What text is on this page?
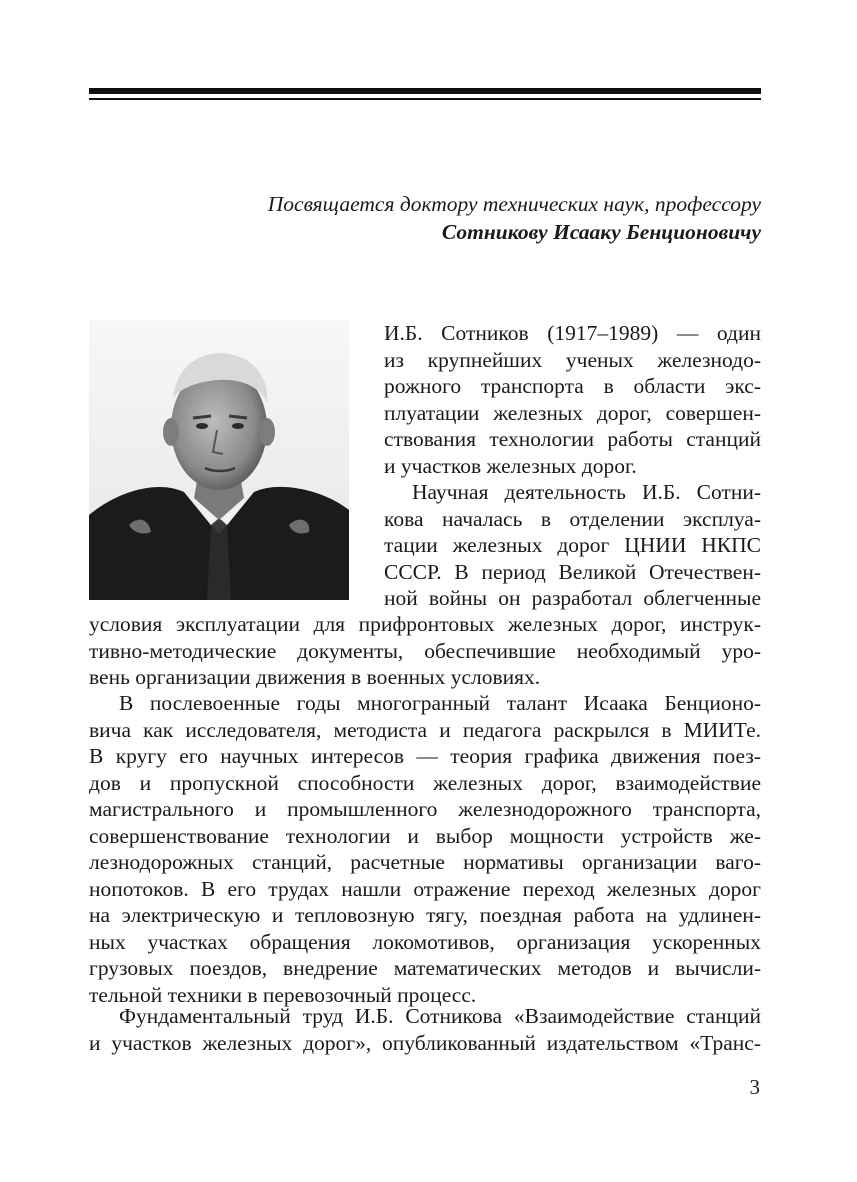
Посвящается доктору технических наук, профессору
Сотникову Исааку Бенционовичу
И.Б. Сотников (1917–1989) — один
из крупнейших ученых железнодо-
рожного транспорта в области экс-
плуатации железных дорог, совершен-
ствования технологии работы станций
и участков железных дорог.
Научная деятельность И.Б. Сотни-
кова началась в отделении эксплуа-
тации железных дорог ЦНИИ НКПС
СССР. В период Великой Отечествен-
ной войны он разработал облегченные
условия эксплуатации для прифронтовых железных дорог, инструк-
тивно-методические документы, обеспечившие необходимый уро-
вень организации движения в военных условиях.
В послевоенные годы многогранный талант Исаака Бенционо-
вича как исследователя, методиста и педагога раскрылся в МИИТе.
В кругу его научных интересов — теория графика движения поез-
дов и пропускной способности железных дорог, взаимодействие
магистрального и промышленного железнодорожного транспорта,
совершенствование технологии и выбор мощности устройств же-
лезнодорожных станций, расчетные нормативы организации ваго-
нопотоков. В его трудах нашли отражение переход железных дорог
на электрическую и тепловозную тягу, поездная работа на удлинен-
ных участках обращения локомотивов, организация ускоренных
грузовых поездов, внедрение математических методов и вычисли-
тельной техники в перевозочный процесс.
Фундаментальный труд И.Б. Сотникова «Взаимодействие станций
и участков железных дорог», опубликованный издательством «Транс-
3
